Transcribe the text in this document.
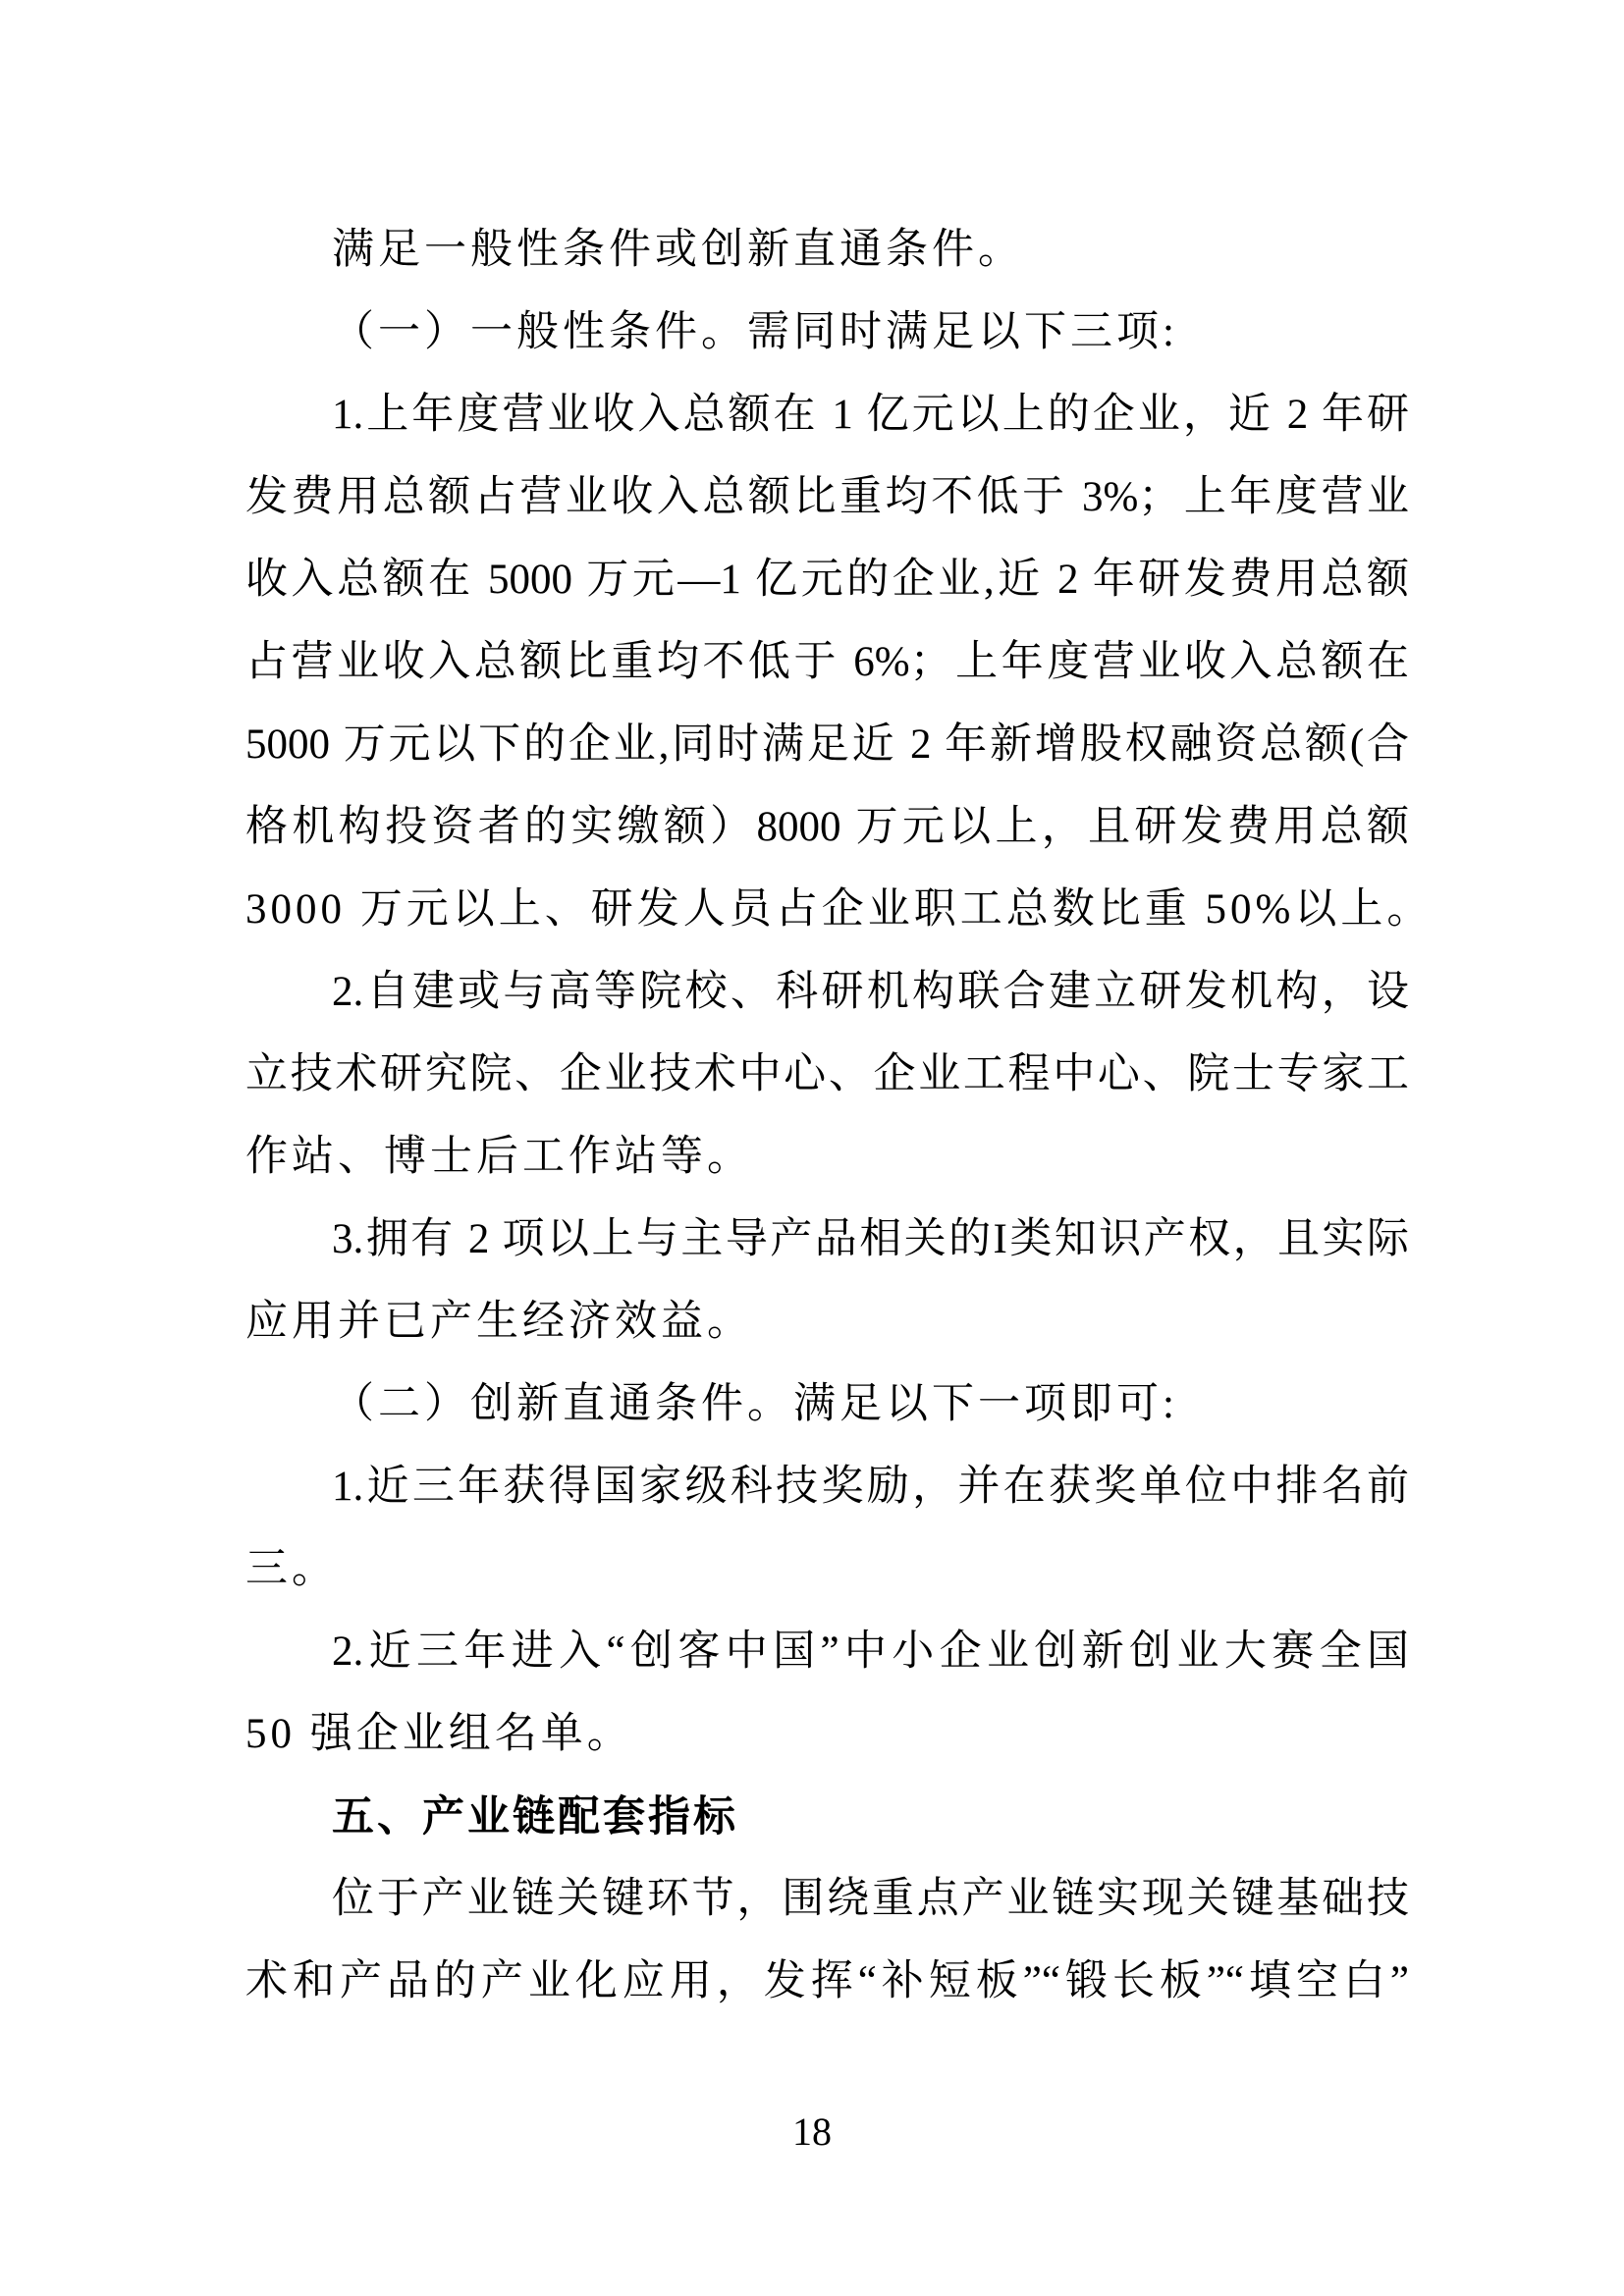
满足一般性条件或创新直通条件。
（一）一般性条件。需同时满足以下三项:
1.上年度营业收入总额在 1 亿元以上的企业，近 2 年研
发费用总额占营业收入总额比重均不低于 3%；上年度营业
收入总额在 5000 万元—1 亿元的企业,近 2 年研发费用总额
占营业收入总额比重均不低于 6%；上年度营业收入总额在
5000 万元以下的企业,同时满足近 2 年新增股权融资总额(合
格机构投资者的实缴额）8000 万元以上，且研发费用总额
3000 万元以上、研发人员占企业职工总数比重 50%以上。
2.自建或与高等院校、科研机构联合建立研发机构，设
立技术研究院、企业技术中心、企业工程中心、院士专家工
作站、博士后工作站等。
3.拥有 2 项以上与主导产品相关的I类知识产权，且实际
应用并已产生经济效益。
（二）创新直通条件。满足以下一项即可:
1.近三年获得国家级科技奖励，并在获奖单位中排名前
三。
2.近三年进入“创客中国”中小企业创新创业大赛全国
50 强企业组名单。
五、产业链配套指标
位于产业链关键环节，围绕重点产业链实现关键基础技
术和产品的产业化应用，发挥“补短板”“锻长板”“填空白”
18
